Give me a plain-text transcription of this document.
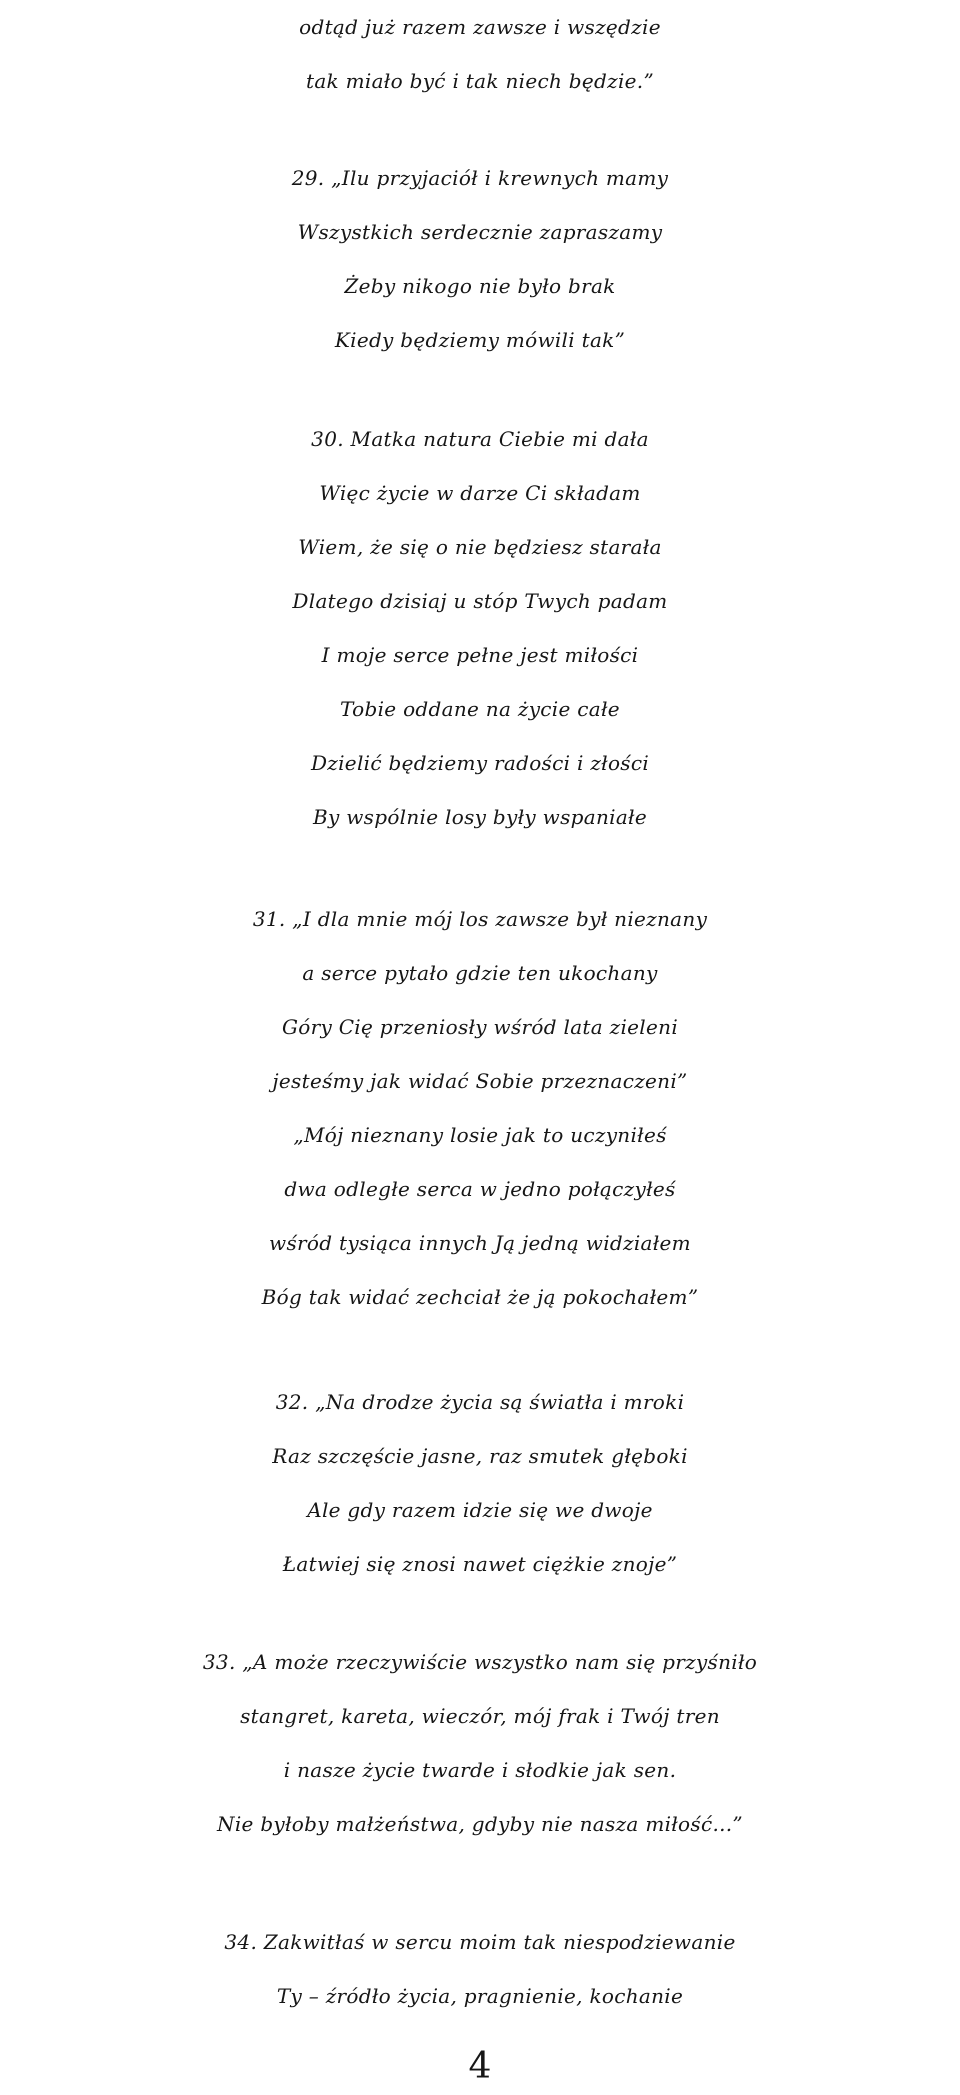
odtąd już razem zawsze i wszędzie
tak miało być i tak niech będzie.”
29. „Ilu przyjaciół i krewnych mamy
Wszystkich serdecznie zapraszamy
Żeby nikogo nie było brak
Kiedy będziemy mówili tak”
30. Matka natura Ciebie mi dała
Więc życie w darze Ci składam
Wiem, że się o nie będziesz starała
Dlatego dzisiaj u stóp Twych padam
I moje serce pełne jest miłości
Tobie oddane na życie całe
Dzielić będziemy radości i złości
By wspólnie losy były wspaniałe
31. „I dla mnie mój los zawsze był nieznany
a serce pytało gdzie ten ukochany
Góry Cię przeniosły wśród lata zieleni
jesteśmy jak widać Sobie przeznaczeni”
„Mój nieznany losie jak to uczyniłeś
dwa odległe serca w jedno połączyłeś
wśród tysiąca innych Ją jedną widziałem
Bóg tak widać zechciał że ją pokochałem”
32. „Na drodze życia są światła i mroki
Raz szczęście jasne, raz smutek głęboki
Ale gdy razem idzie się we dwoje
Łatwiej się znosi nawet ciężkie znoje”
33. „A może rzeczywiście wszystko nam się przyśniło
stangret, kareta, wieczór, mój frak i Twój tren
i nasze życie twarde i słodkie jak sen.
Nie byłoby małżeństwa, gdyby nie nasza miłość...”
34. Zakwitłaś w sercu moim tak niespodziewanie
Ty – źródło życia, pragnienie, kochanie
4
